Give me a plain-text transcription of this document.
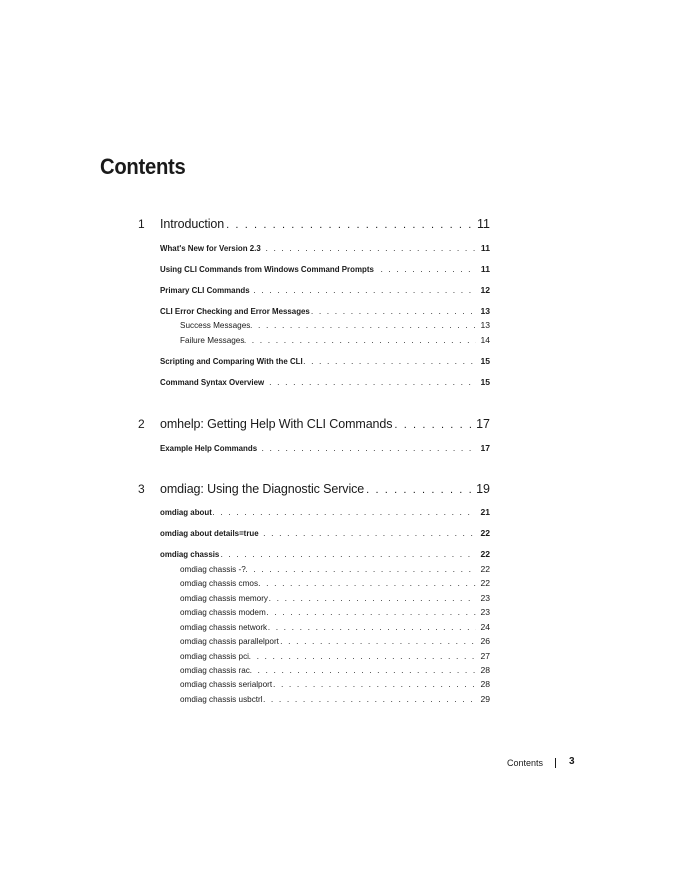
Contents
1 Introduction . . .	11
What's New for Version 2.3 . . .	11
Using CLI Commands from Windows Command Prompts . . .	11
Primary CLI Commands . . .	12
CLI Error Checking and Error Messages . . .	13
Success Messages . . .	13
Failure Messages . . .	14
Scripting and Comparing With the CLI . . .	15
Command Syntax Overview . . .	15
2 omhelp: Getting Help With CLI Commands . . .	17
Example Help Commands . . .	17
3 omdiag: Using the Diagnostic Service . . .	19
omdiag about . . .	21
omdiag about details=true . . .	22
omdiag chassis . . .	22
omdiag chassis -? . . .	22
omdiag chassis cmos . . .	22
omdiag chassis memory . . .	23
omdiag chassis modem . . .	23
omdiag chassis network . . .	24
omdiag chassis parallelport . . .	26
omdiag chassis pci . . .	27
omdiag chassis rac . . .	28
omdiag chassis serialport . . .	28
omdiag chassis usbctrl . . .	29
Contents	3
